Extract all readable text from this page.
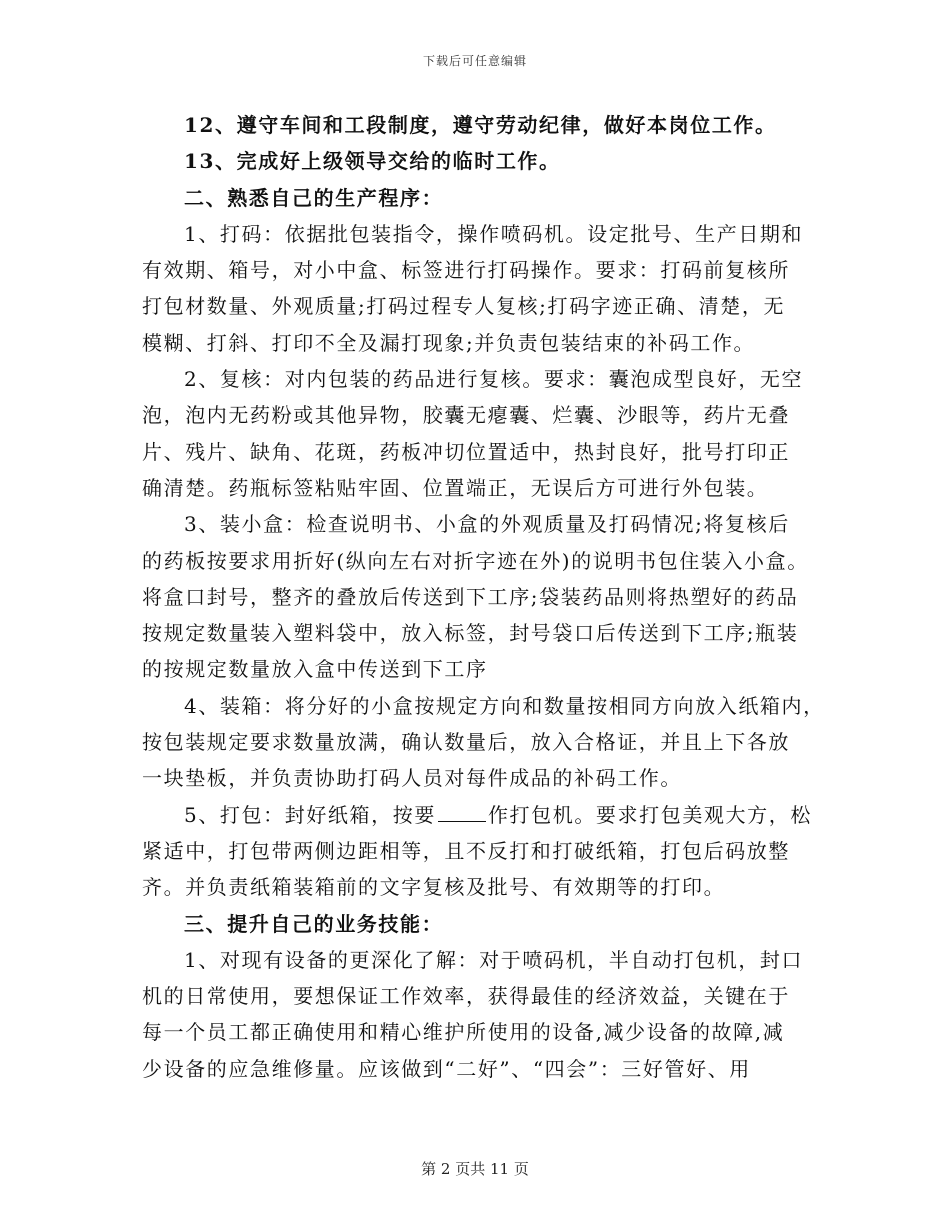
下载后可任意编辑
12、遵守车间和工段制度，遵守劳动纪律，做好本岗位工作。
13、完成好上级领导交给的临时工作。
二、熟悉自己的生产程序：
1、打码：依据批包装指令，操作喷码机。设定批号、生产日期和
有效期、箱号，对小中盒、标签进行打码操作。要求：打码前复核所
打包材数量、外观质量;打码过程专人复核;打码字迹正确、清楚，无
模糊、打斜、打印不全及漏打现象;并负责包装结束的补码工作。
2、复核：对内包装的药品进行复核。要求：囊泡成型良好，无空
泡，泡内无药粉或其他异物，胶囊无瘪囊、烂囊、沙眼等，药片无叠
片、残片、缺角、花斑，药板冲切位置适中，热封良好，批号打印正
确清楚。药瓶标签粘贴牢固、位置端正，无误后方可进行外包装。
3、装小盒：检查说明书、小盒的外观质量及打码情况;将复核后
的药板按要求用折好(纵向左右对折字迹在外)的说明书包住装入小盒。
将盒口封号，整齐的叠放后传送到下工序;袋装药品则将热塑好的药品
按规定数量装入塑料袋中，放入标签，封号袋口后传送到下工序;瓶装
的按规定数量放入盒中传送到下工序
4、装箱：将分好的小盒按规定方向和数量按相同方向放入纸箱内，
按包装规定要求数量放满，确认数量后，放入合格证，并且上下各放
一块垫板，并负责协助打码人员对每件成品的补码工作。
5、打包：封好纸箱，按要	作打包机。要求打包美观大方，松
紧适中，打包带两侧边距相等，且不反打和打破纸箱，打包后码放整
齐。并负责纸箱装箱前的文字复核及批号、有效期等的打印。
三、提升自己的业务技能：
1、对现有设备的更深化了解：对于喷码机，半自动打包机，封口
机的日常使用，要想保证工作效率，获得最佳的经济效益，关键在于
每一个员工都正确使用和精心维护所使用的设备,减少设备的故障,减
少设备的应急维修量。应该做到“二好”、“四会”：三好管好、用
第 2 页共 11 页
